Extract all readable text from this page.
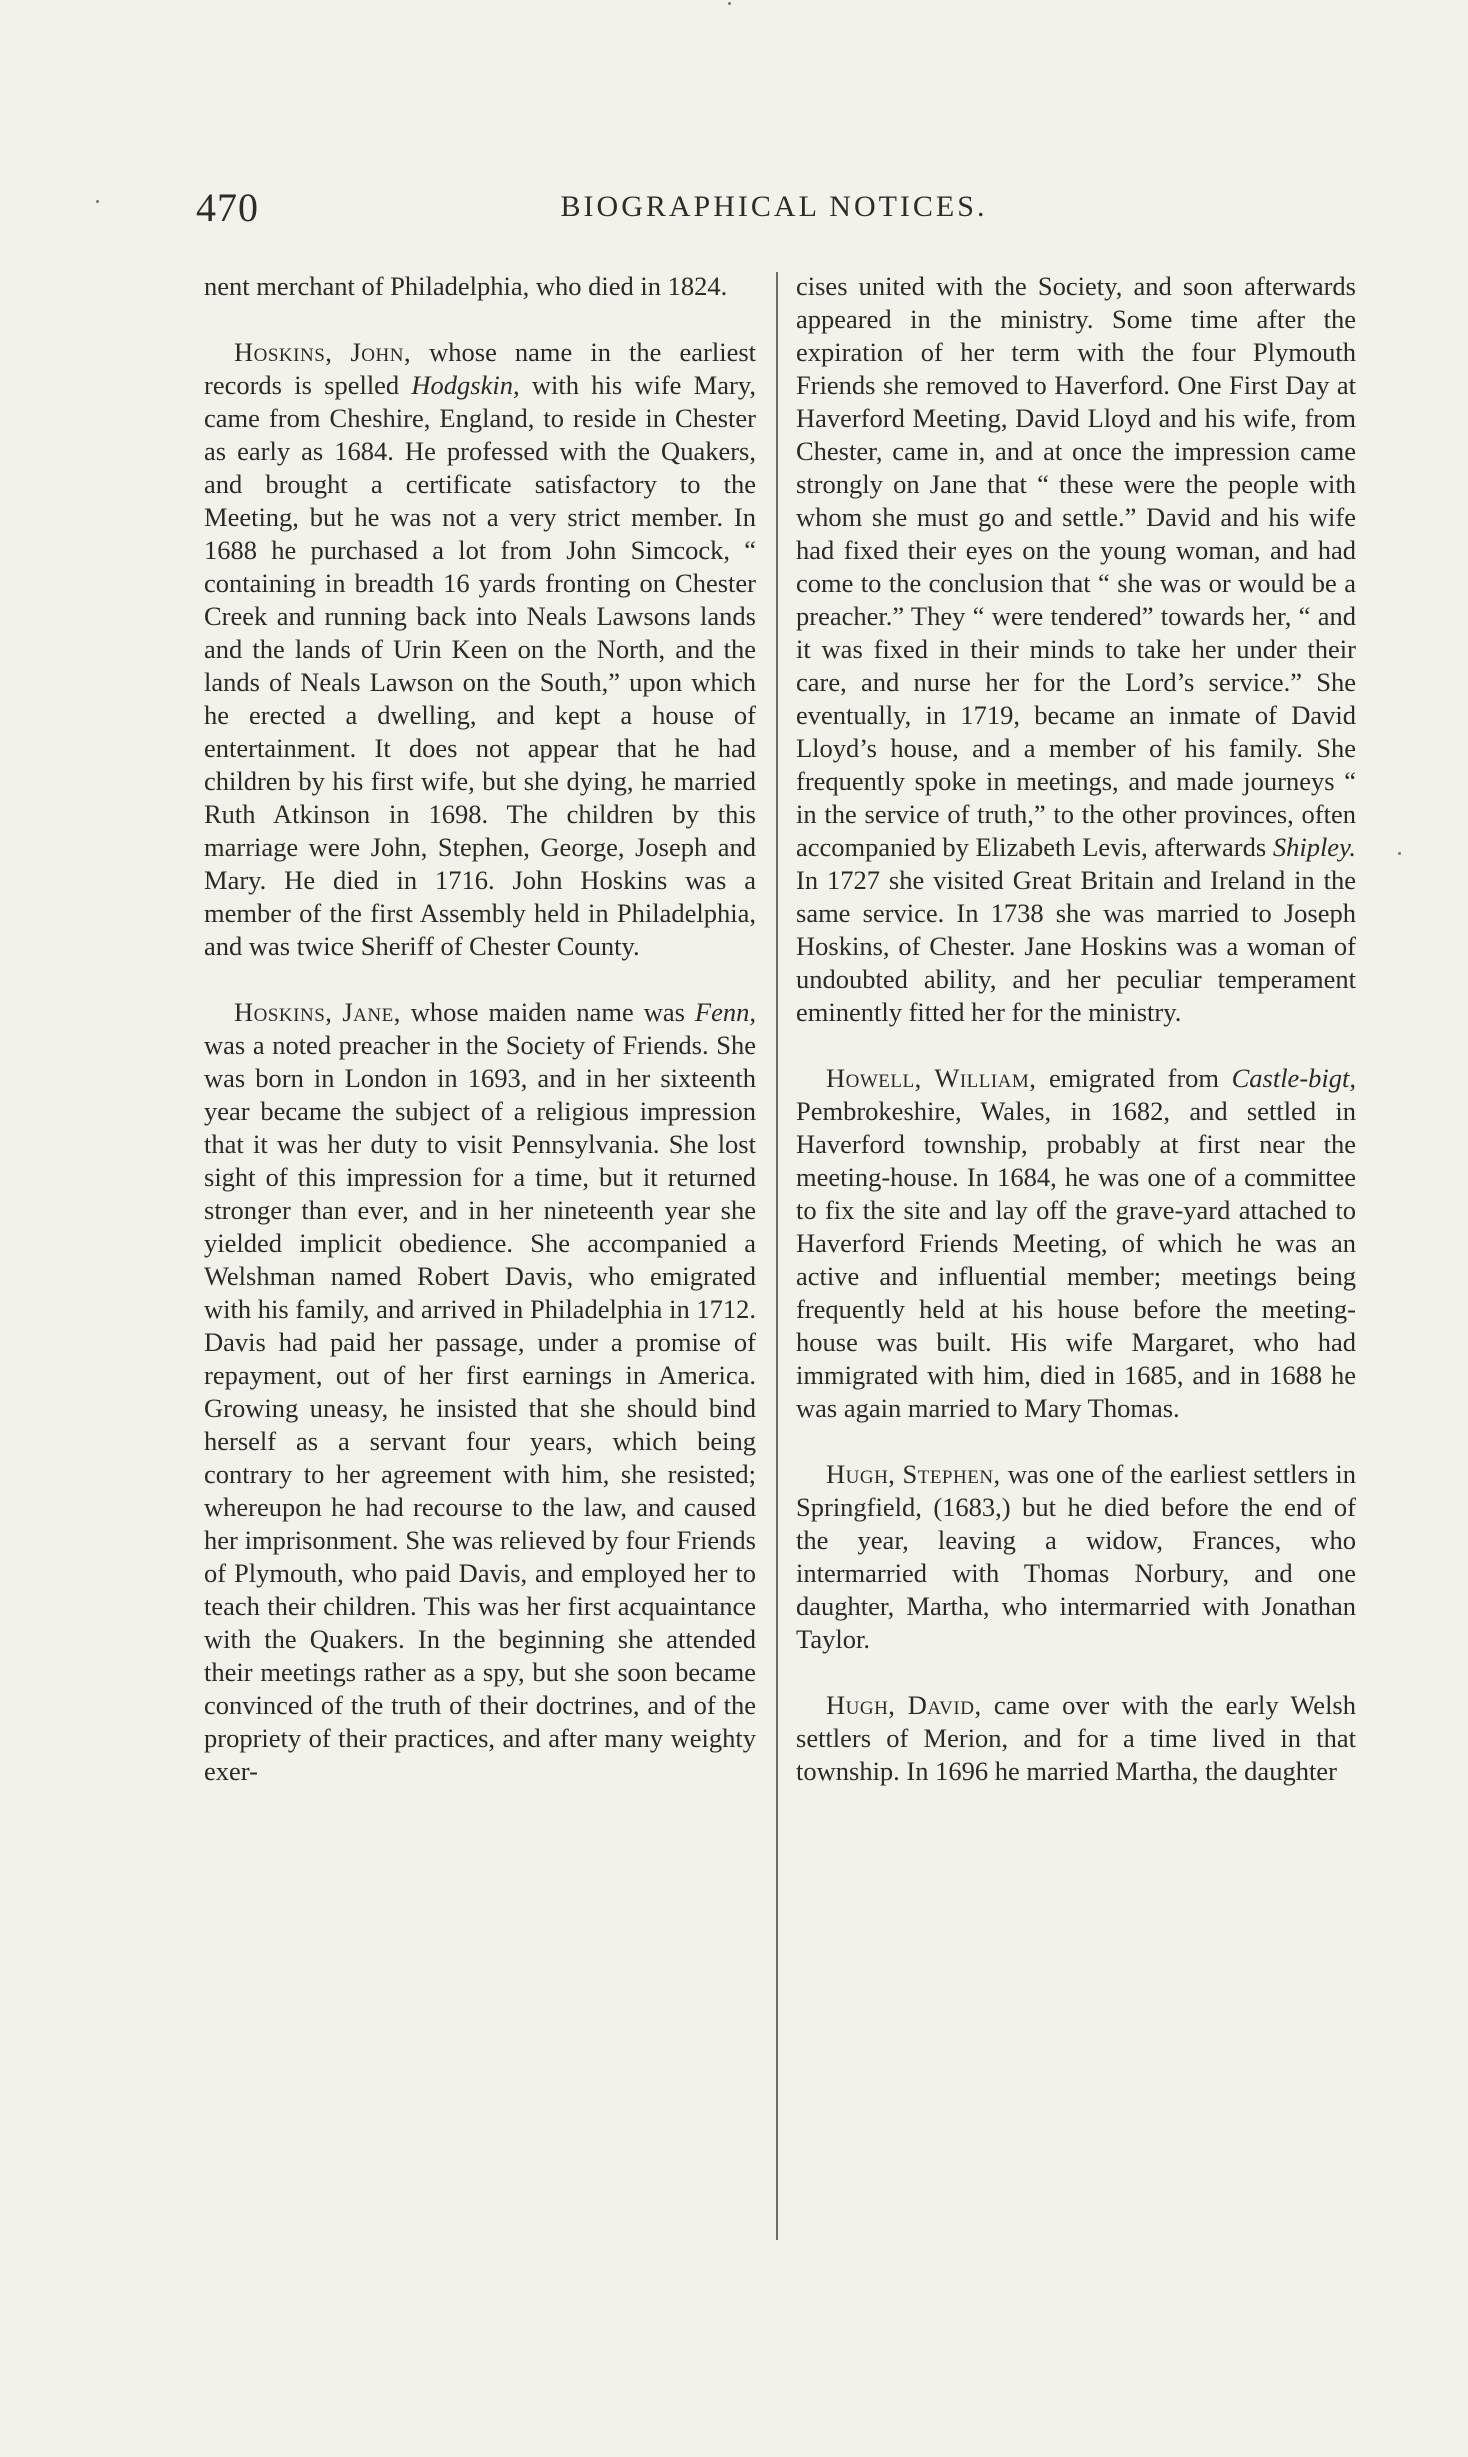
470	BIOGRAPHICAL NOTICES.

nent merchant of Philadelphia, who died in 1824.

Hoskins, John, whose name in the earliest records is spelled Hodgskin, with his wife Mary, came from Cheshire, England, to reside in Chester as early as 1684. He professed with the Quakers, and brought a certificate satisfactory to the Meeting, but he was not a very strict member. In 1688 he purchased a lot from John Simcock, “ containing in breadth 16 yards fronting on Chester Creek and running back into Neals Lawsons lands and the lands of Urin Keen on the North, and the lands of Neals Lawson on the South,” upon which he erected a dwelling, and kept a house of entertainment. It does not appear that he had children by his first wife, but she dying, he married Ruth Atkinson in 1698. The children by this marriage were John, Stephen, George, Joseph and Mary. He died in 1716. John Hoskins was a member of the first Assembly held in Philadelphia, and was twice Sheriff of Chester County.

Hoskins, Jane, whose maiden name was Fenn, was a noted preacher in the Society of Friends. She was born in London in 1693, and in her sixteenth year became the subject of a religious impression that it was her duty to visit Pennsylvania. She lost sight of this impression for a time, but it returned stronger than ever, and in her nineteenth year she yielded implicit obedience. She accompanied a Welshman named Robert Davis, who emigrated with his family, and arrived in Philadelphia in 1712. Davis had paid her passage, under a promise of repayment, out of her first earnings in America. Growing uneasy, he insisted that she should bind herself as a servant four years, which being contrary to her agreement with him, she resisted; whereupon he had recourse to the law, and caused her imprisonment. She was relieved by four Friends of Plymouth, who paid Davis, and employed her to teach their children. This was her first acquaintance with the Quakers. In the beginning she attended their meetings rather as a spy, but she soon became convinced of the truth of their doctrines, and of the propriety of their practices, and after many weighty exer-

cises united with the Society, and soon afterwards appeared in the ministry. Some time after the expiration of her term with the four Plymouth Friends she removed to Haverford. One First Day at Haverford Meeting, David Lloyd and his wife, from Chester, came in, and at once the impression came strongly on Jane that “ these were the people with whom she must go and settle.” David and his wife had fixed their eyes on the young woman, and had come to the conclusion that “ she was or would be a preacher.” They “ were tendered” towards her, “ and it was fixed in their minds to take her under their care, and nurse her for the Lord’s service.” She eventually, in 1719, became an inmate of David Lloyd’s house, and a member of his family. She frequently spoke in meetings, and made journeys “ in the service of truth,” to the other provinces, often accompanied by Elizabeth Levis, afterwards Shipley. In 1727 she visited Great Britain and Ireland in the same service. In 1738 she was married to Joseph Hoskins, of Chester. Jane Hoskins was a woman of undoubted ability, and her peculiar temperament eminently fitted her for the ministry.

Howell, William, emigrated from Castle-bigt, Pembrokeshire, Wales, in 1682, and settled in Haverford township, probably at first near the meeting-house. In 1684, he was one of a committee to fix the site and lay off the grave-yard attached to Haverford Friends Meeting, of which he was an active and influential member; meetings being frequently held at his house before the meeting-house was built. His wife Margaret, who had immigrated with him, died in 1685, and in 1688 he was again married to Mary Thomas.

Hugh, Stephen, was one of the earliest settlers in Springfield, (1683,) but he died before the end of the year, leaving a widow, Frances, who intermarried with Thomas Norbury, and one daughter, Martha, who intermarried with Jonathan Taylor.

Hugh, David, came over with the early Welsh settlers of Merion, and for a time lived in that township. In 1696 he married Martha, the daughter
